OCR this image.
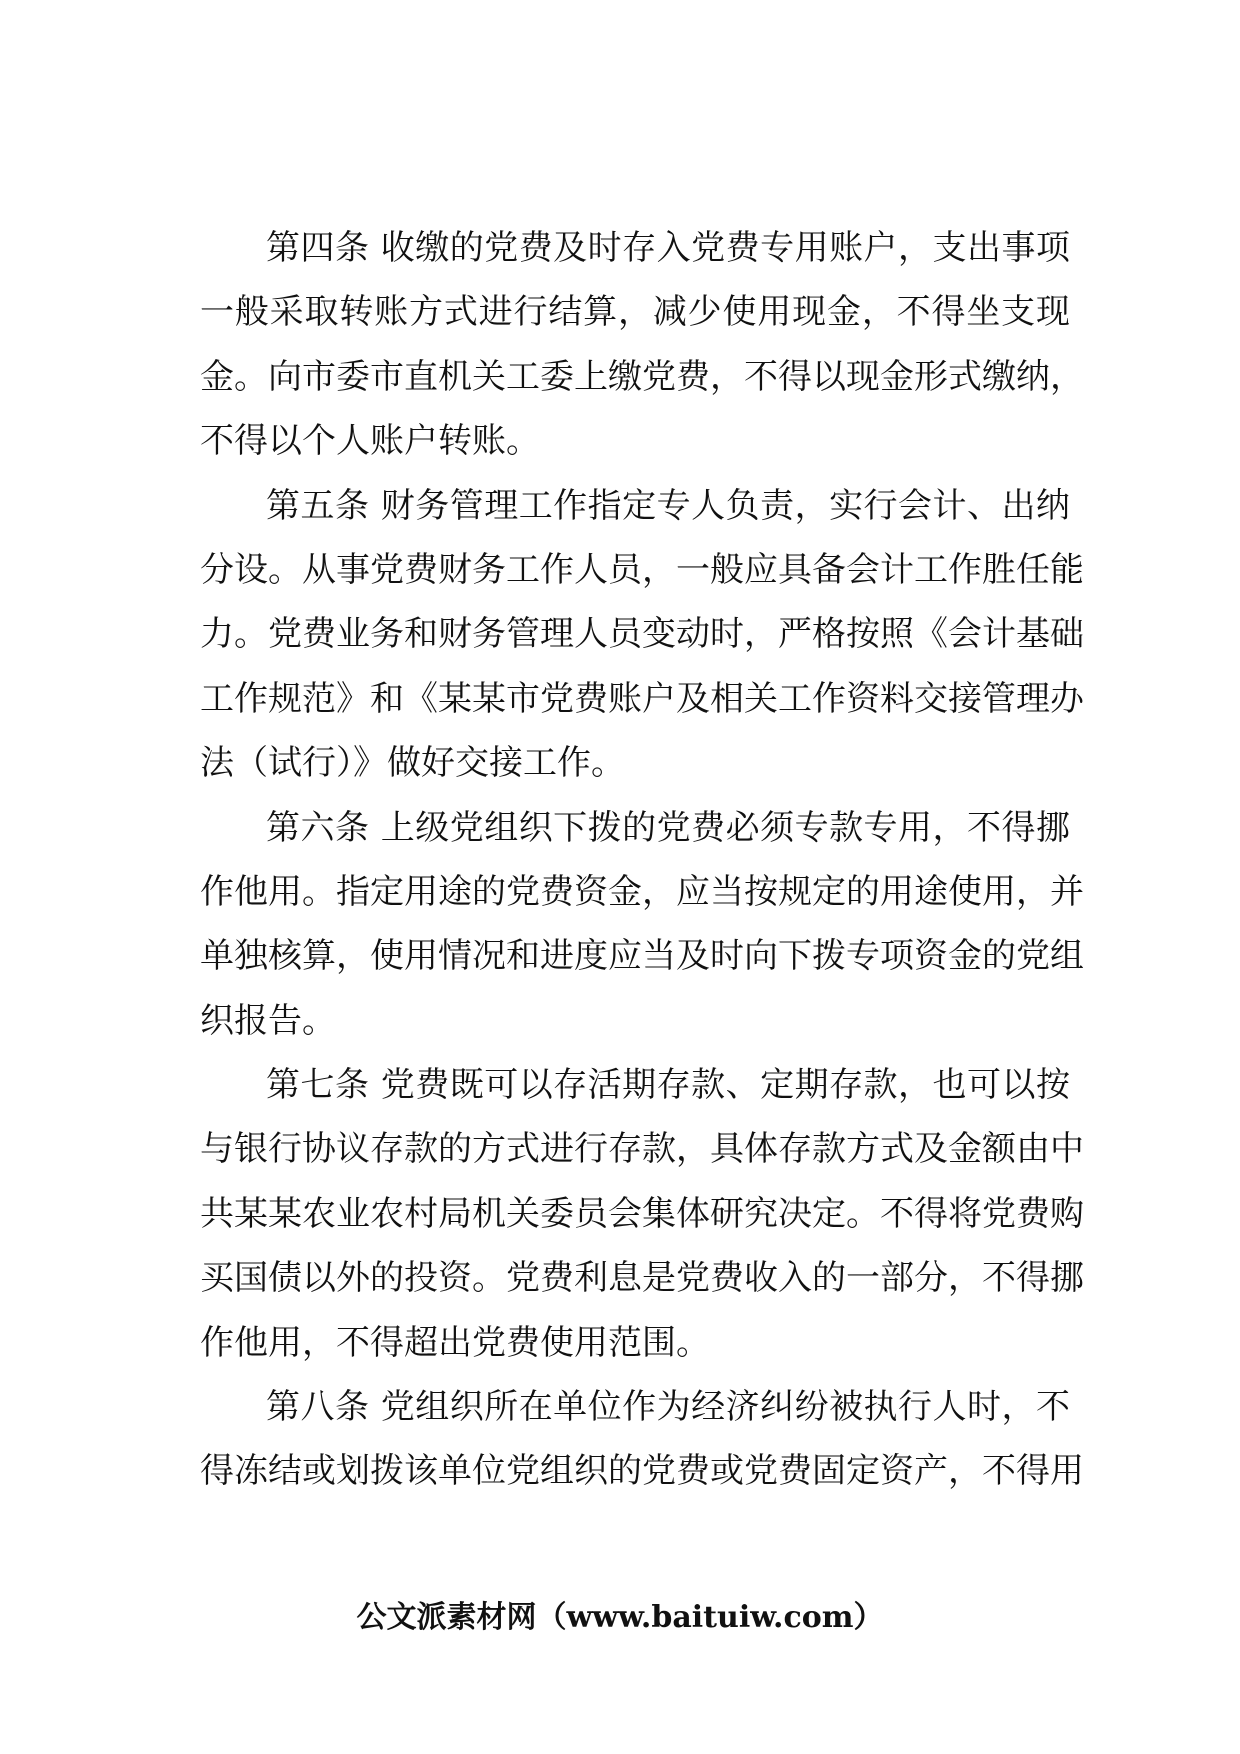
第四条 收缴的党费及时存入党费专用账户，支出事项
一般采取转账方式进行结算，减少使用现金，不得坐支现
金。向市委市直机关工委上缴党费，不得以现金形式缴纳，
不得以个人账户转账。
第五条 财务管理工作指定专人负责，实行会计、出纳
分设。从事党费财务工作人员，一般应具备会计工作胜任能
力。党费业务和财务管理人员变动时，严格按照《会计基础
工作规范》和《某某市党费账户及相关工作资料交接管理办
法（试行）》做好交接工作。
第六条 上级党组织下拨的党费必须专款专用，不得挪
作他用。指定用途的党费资金，应当按规定的用途使用，并
单独核算，使用情况和进度应当及时向下拨专项资金的党组
织报告。
第七条 党费既可以存活期存款、定期存款，也可以按
与银行协议存款的方式进行存款，具体存款方式及金额由中
共某某农业农村局机关委员会集体研究决定。不得将党费购
买国债以外的投资。党费利息是党费收入的一部分，不得挪
作他用，不得超出党费使用范围。
第八条 党组织所在单位作为经济纠纷被执行人时，不
得冻结或划拨该单位党组织的党费或党费固定资产，不得用
公文派素材网（www.baituiw.com）
